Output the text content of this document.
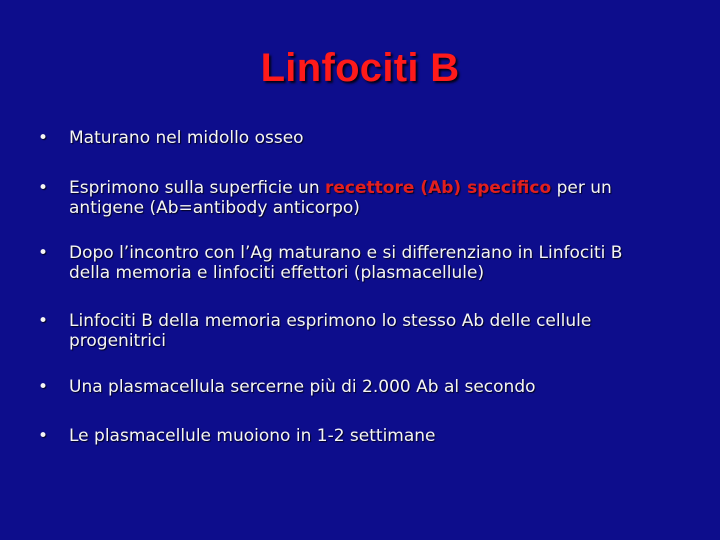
Linfociti B
•	Maturano nel midollo osseo
•	Esprimono sulla superficie un recettore (Ab) specifico per un antigene (Ab=antibody anticorpo)
•	Dopo l’incontro con l’Ag maturano e si differenziano in Linfociti B della memoria e linfociti effettori (plasmacellule)
•	Linfociti B della memoria esprimono lo stesso Ab delle cellule progenitrici
•	Una plasmacellula sercerne più di 2.000 Ab al secondo
•	Le plasmacellule muoiono in 1-2 settimane
